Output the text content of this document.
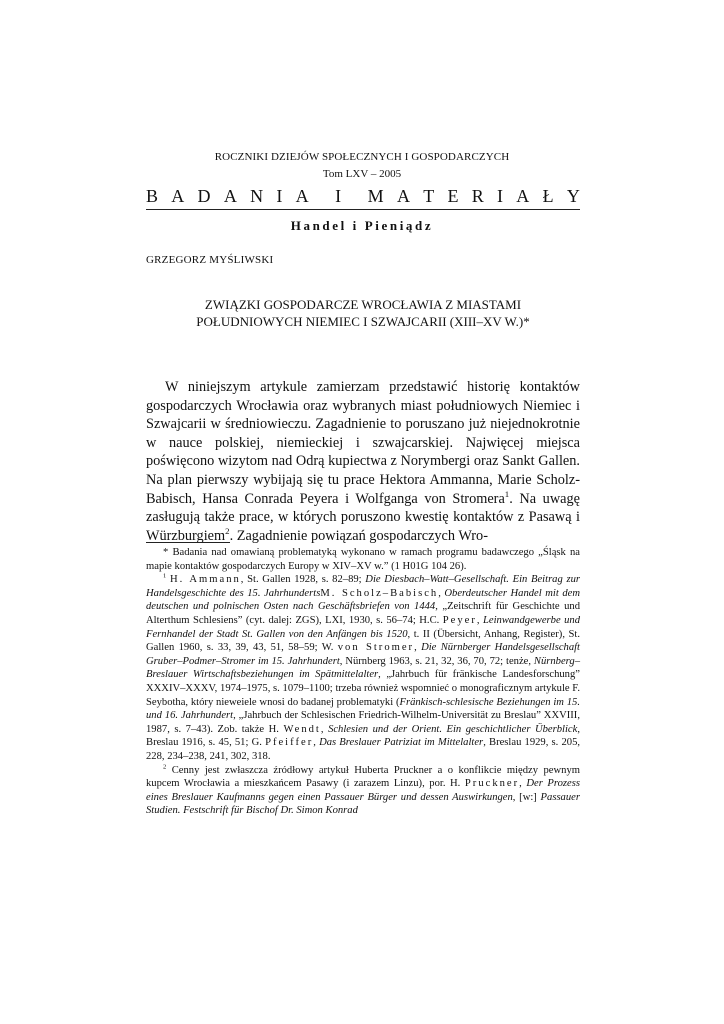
ROCZNIKI DZIEJÓW SPOŁECZNYCH I GOSPODARCZYCH
Tom LXV – 2005
B A D A N I A I M A T E R I A Ł Y
Handel i Pieniądz
GRZEGORZ MYŚLIWSKI
ZWIĄZKI GOSPODARCZE WROCŁAWIA Z MIASTAMI
POŁUDNIOWYCH NIEMIEC I SZWAJCARII (XIII–XV W.)*
W niniejszym artykule zamierzam przedstawić historię kontaktów gospodarczych Wrocławia oraz wybranych miast południowych Niemiec i Szwajcarii w średniowieczu. Zagadnienie to poruszano już niejednokrotnie w nauce polskiej, niemieckiej i szwajcarskiej. Najwięcej miejsca poświęcono wizytom nad Odrą kupiectwa z Norymbergi oraz Sankt Gallen. Na plan pierwszy wybijają się tu prace Hektora Ammanna, Marie Scholz-Babisch, Hansa Conrada Peyera i Wolfganga von Stromera$^1$. Na uwagę zasługują także prace, w których poruszono kwestię kontaktów z Pasawą i Würzburgiem$^2$. Zagadnienie powiązań gospodarczych Wro-

* Badania nad omawianą problematyką wykonano w ramach programu badawczego „Śląsk na mapie kontaktów gospodarczych Europy w XIV–XV w.” (1 H01G 104 26).

$^1$ H. Ammann, St. Gallen 1928, s. 82–89; Die Diesbach–Watt–Gesellschaft. Ein Beitrag zur Handelsgeschichte des 15. JahrhundertsM. Scholz–Babisch, Oberdeutscher Handel mit dem deutschen und polnischen Osten nach Geschäftsbriefen von 1444, „Zeitschrift für Geschichte und Alterthum Schlesiens” (cyt. dalej: ZGS), LXI, 1930, s. 56–74; H.C. Peyer, Leinwandgewerbe und Fernhandel der Stadt St. Gallen von den Anfängen bis 1520, t. II (Übersicht, Anhang, Register), St. Gallen 1960, s. 33, 39, 43, 51, 58–59; W. von Stromer, Die Nürnberger Handelsgesellschaft Gruber–Podmer–Stromer im 15. Jahrhundert, Nürnberg 1963, s. 21, 32, 36, 70, 72; tenże, Nürnberg–Breslauer Wirtschaftsbeziehungen im Spätmittelalter, „Jahrbuch für fränkische Landesforschung” XXXIV–XXXV, 1974–1975, s. 1079–1100; trzeba również wspomnieć o monograficznym artykule F. Seybotha, który nieweiele wnosi do badanej problematyki (Fränkisch-schlesische Beziehungen im 15. und 16. Jahrhundert, „Jahrbuch der Schlesischen Friedrich-Wilhelm-Universität zu Breslau” XXVIII, 1987, s. 7–43). Zob. także H. Wendt, Schlesien und der Orient. Ein geschichtlicher Überblick, Breslau 1916, s. 45, 51; G. Pfeiffer, Das Breslauer Patriziat im Mittelalter, Breslau 1929, s. 205, 228, 234–238, 241, 302, 318.

$^2$ Cenny jest zwłaszcza źródłowy artykuł Huberta Pruckner a o konflikcie między pewnym kupcem Wrocławia a mieszkańcem Pasawy (i zarazem Linzu), por. H. Pruckner, Der Prozess eines Breslauer Kaufmanns gegen einen Passauer Bürger und dessen Auswirkungen, [w:] Passauer Studien. Festschrift für Bischof Dr. Simon Konrad
